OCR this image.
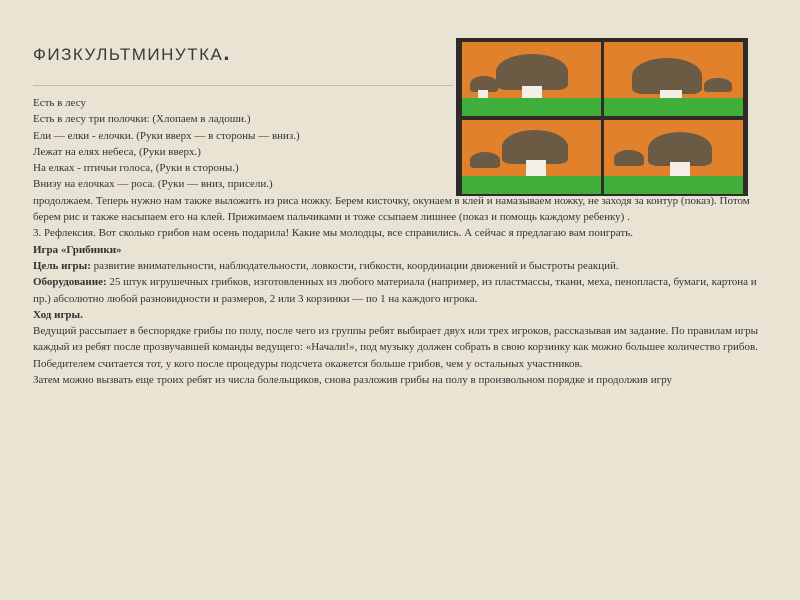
ФИЗКУЛЬТМИНУТКА.

Есть в лесу

Есть в лесу три полочки: (Хлопаем в ладоши.)

Ели — елки - елочки. (Руки вверх — в стороны — вниз.)

Лежат на елях небеса, (Руки вверх.)

На елках - птичьи голоса, (Руки в стороны.)

Внизу на елочках — роса. (Руки — вниз, присели.)

продолжаем. Теперь нужно нам также выложить из риса ножку. Берем кисточку, окунаем в клей и намазываем ножку, не заходя за контур (показ). Потом берем рис и также насыпаем его на клей. Прижимаем пальчиками и тоже ссыпаем лишнее (показ и помощь каждому ребенку) .

3. Рефлексия. Вот сколько грибов нам осень подарила! Какие мы молодцы, все справились. А сейчас я предлагаю вам поиграть.

Игра «Грибники»

Цель игры: развитие внимательности, наблюдательности, ловкости, гибкости, координации движений и быстроты реакций.

Оборудование: 25 штук игрушечных грибков, изготовленных из любого материала (например, из пластмассы, ткани, меха, пенопласта, бумаги, картона и пр.) абсолютно любой разновидности и размеров, 2 или 3 корзинки — по 1 на каждого игрока.

Ход игры.

Ведущий рассыпает в беспорядке грибы по полу, после чего из группы ребят выбирает двух или трех игроков, рассказывая им задание. По правилам игры каждый из ребят после прозвучавшей команды ведущего: «Начали!», под музыку должен собрать в свою корзинку как можно большее количество грибов. Победителем считается тот, у кого после процедуры подсчета окажется больше грибов, чем у остальных участников.

Затем можно вызвать еще троих ребят из числа болельщиков, снова разложив грибы на полу в произвольном порядке и продолжив игру
